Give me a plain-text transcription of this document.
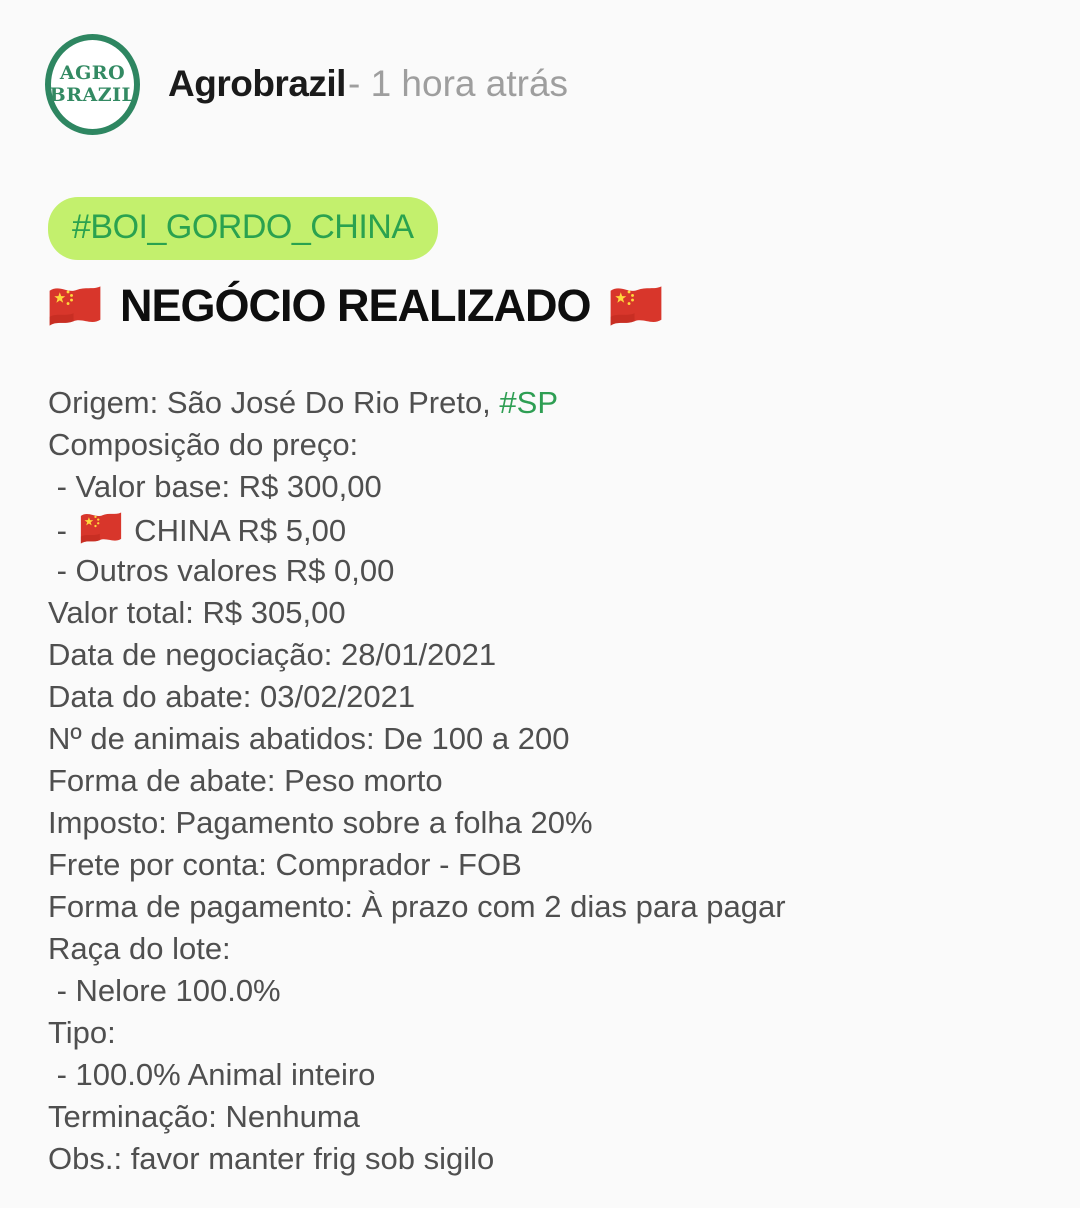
AGRO
BRAZIL Agrobrazil - 1 hora atrás
#BOI_GORDO_CHINA
NEGÓCIO REALIZADO
Origem: São José Do Rio Preto, #SP
Composição do preço:
- Valor base: R$ 300,00
-
CHINA R$ 5,00
- Outros valores R$ 0,00
Valor total: R$ 305,00
Data de negociação: 28/01/2021
Data do abate: 03/02/2021
Nº de animais abatidos: De 100 a 200
Forma de abate: Peso morto
Imposto: Pagamento sobre a folha 20%
Frete por conta: Comprador - FOB
Forma de pagamento: À prazo com 2 dias para pagar
Raça do lote:
- Nelore 100.0%
Tipo:
- 100.0% Animal inteiro
Terminação: Nenhuma
Obs.: favor manter frig sob sigilo
